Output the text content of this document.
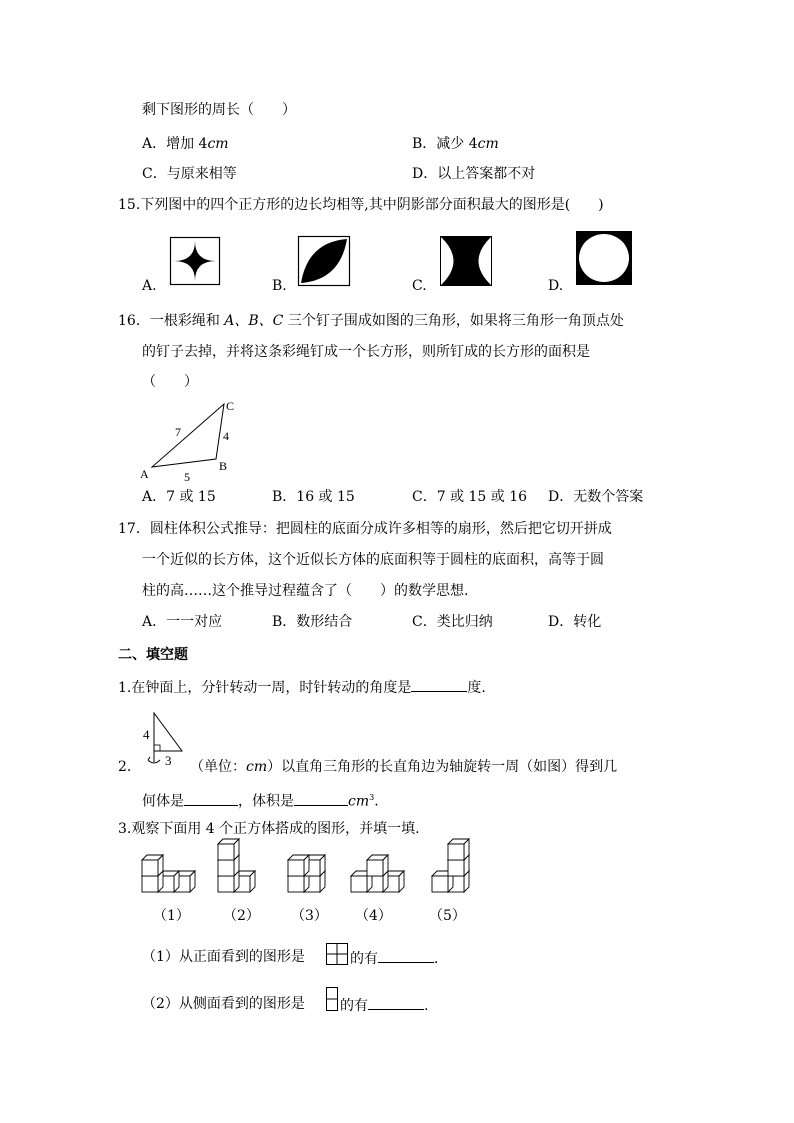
剩下图形的周长（　　）
A．增加 4cm	B．减少 4cm
C．与原来相等	D．以上答案都不对
15.下列图中的四个正方形的边长均相等,其中阴影部分面积最大的图形是(　　)
A.	B.	C.	D.
16．一根彩绳和 A、B、C 三个钉子围成如图的三角形，如果将三角形一角顶点处
的钉子去掉，并将这条彩绳钉成一个长方形，则所钉成的长方形的面积是
（　　）
C
7	4
B
A	5
A．7 或 15	B．16 或 15	C．7 或 15 或 16 D．无数个答案
17．圆柱体积公式推导：把圆柱的底面分成许多相等的扇形，然后把它切开拼成
一个近似的长方体，这个近似长方体的底面积等于圆柱的底面积，高等于圆
柱的高……这个推导过程蕴含了（　　）的数学思想.
A．一一对应	B．数形结合	C．类比归纳	D．转化
二、填空题
1.在钟面上，分针转动一周，时针转动的角度是	度.
4
3
2.	（单位：cm）以直角三角形的长直角边为轴旋转一周（如图）得到几
何体是	，体积是	$cm^3$.
3.观察下面用 4 个正方体搭成的图形，并填一填.
（1） （2） （3） （4）	（5）
（1）从正面看到的图形是	的有	.
（2）从侧面看到的图形是	的有	.
